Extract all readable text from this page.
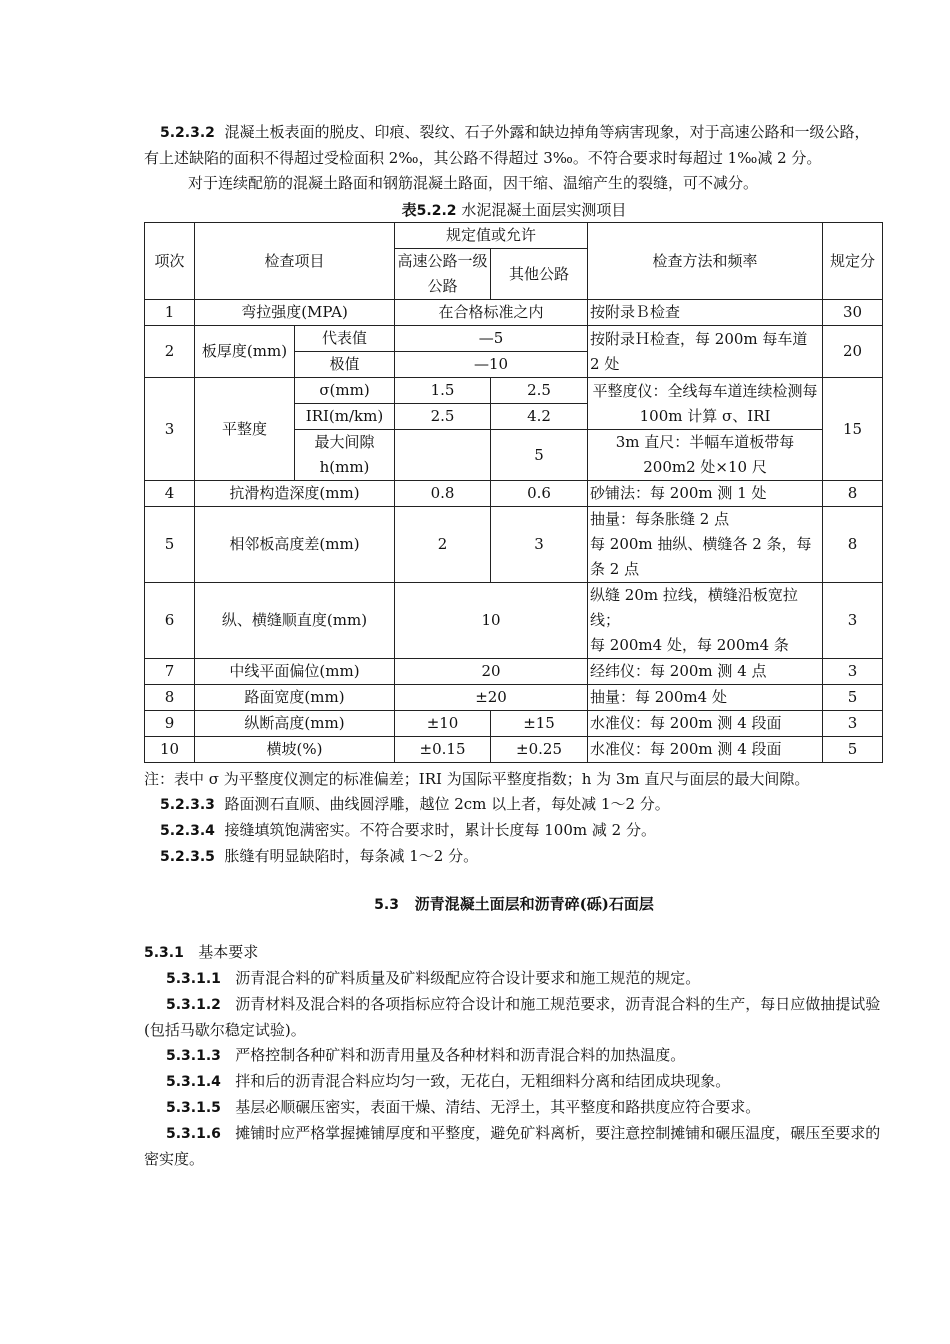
5.2.3.2 混凝土板表面的脱皮、印痕、裂纹、石子外露和缺边掉角等病害现象，对于高速公路和一级公路，有上述缺陷的面积不得超过受检面积 2‰，其公路不得超过 3‰。不符合要求时每超过 1‰减 2 分。

对于连续配筋的混凝土路面和钢筋混凝土路面，因干缩、温缩产生的裂缝，可不减分。

表5.2.2 水泥混凝土面层实测项目
项次	检查项目		规定值或允许		检查方法和频率	规定分
			高速公路一级公路	其他公路		
1	弯拉强度(MPA)		在合格标准之内		按附录Ｂ检查	30
2	板厚度(mm)	代表值	—5		按附录Ｈ检查，每 200m 每车道 2 处	20
		极值	—10			
3	平整度	σ(mm)	1.5	2.5	平整度仪：全线每车道连续检测每 100m 计算 σ、IRI	15
		IRI(m/km)	2.5	4.2		
		最大间隙 h(mm)		5	3m 直尺：半幅车道板带每 200m2 处×10 尺	
4	抗滑构造深度(mm)		0.8	0.6	砂铺法：每 200m 测 1 处	8
5	相邻板高度差(mm)		2	3	抽量：每条胀缝 2 点
每 200m 抽纵、横缝各 2 条，每条 2 点	8
6	纵、横缝顺直度(mm)		10		纵缝 20m 拉线，横缝沿板宽拉线；
每 200m4 处，每 200m4 条	3
7	中线平面偏位(mm)		20		经纬仪：每 200m 测 4 点	3
8	路面宽度(mm)		±20		抽量：每 200m4 处	5
9	纵断高度(mm)		±10	±15	水准仪：每 200m 测 4 段面	3
10	横坡(%)		±0.15	±0.25	水准仪：每 200m 测 4 段面	5

注：表中 σ 为平整度仪测定的标准偏差；IRI 为国际平整度指数；h 为 3m 直尺与面层的最大间隙。

5.2.3.3 路面测石直顺、曲线圆浮雕，越位 2cm 以上者，每处减 1～2 分。

5.2.3.4 接缝填筑饱满密实。不符合要求时，累计长度每 100m 减 2 分。

5.2.3.5 胀缝有明显缺陷时，每条减 1～2 分。

5.3 沥青混凝土面层和沥青碎(砾)石面层

5.3.1 基本要求

5.3.1.1 沥青混合料的矿料质量及矿料级配应符合设计要求和施工规范的规定。

5.3.1.2 沥青材料及混合料的各项指标应符合设计和施工规范要求，沥青混合料的生产，每日应做抽提试验(包括马歇尔稳定试验)。

5.3.1.3 严格控制各种矿料和沥青用量及各种材料和沥青混合料的加热温度。

5.3.1.4 拌和后的沥青混合料应均匀一致，无花白，无粗细料分离和结团成块现象。

5.3.1.5 基层必顺碾压密实，表面干燥、清结、无浮土，其平整度和路拱度应符合要求。

5.3.1.6 摊铺时应严格掌握摊铺厚度和平整度，避免矿料离析，要注意控制摊铺和碾压温度，碾压至要求的密实度。
